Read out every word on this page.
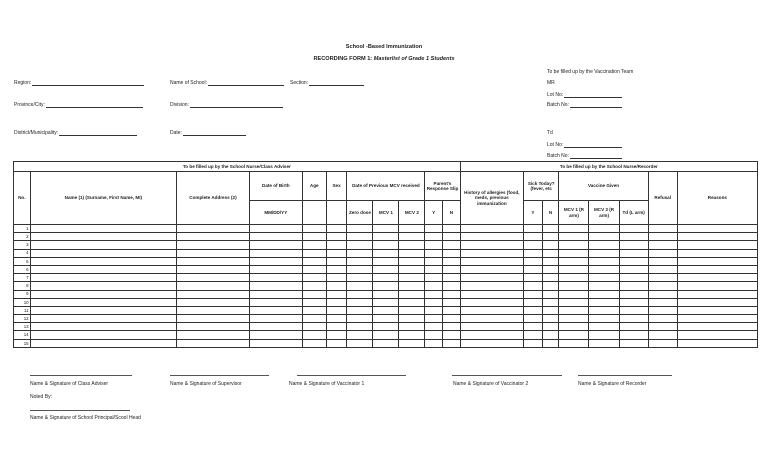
School -Based Immunization
RECORDING FORM 1: Masterlist of Grade 1 Students
Region:	Name of School:	Section:
Province/City:	Division:
District/Municipality:	Date:
To be filled up by the Vaccination Team
MR
Lot No:
Batch No:
Td
Lot No:
Batch No:
To be filled up by the School Nurse/Class Adviser											To be filled up by the School Nurse/Recorder							
No.	Name (1) (Surname, First Name, MI)	Complete Address (2)	Date of Birth	Age	Sex	Date of Previous MCV received			Parent's Response Slip		History of allergies (food, meds, previous immunization	Sick Today? (fever, etc		Vaccine Given			Refusal	Reasons
			MM/DD/YY			Zero dose	MCV 1	MCV 2	Y	N		Y	N	MCV 1 (R arm)	MCV 2 (R arm)	Td (L arm)		
1																		
2																		
3																		
4																		
5																		
6																		
7																		
8																		
9																		
10																		
11																		
12																		
13																		
14																		
15																		
Name & Signature of Class Adviser	Name & Signature of Supervisor	Name & Signature of Vaccinator 1	Name & Signature of Vaccinator 2	Name & Signature of Recorder
Noted By:
Name & Signature of School Principal/Scool Head
